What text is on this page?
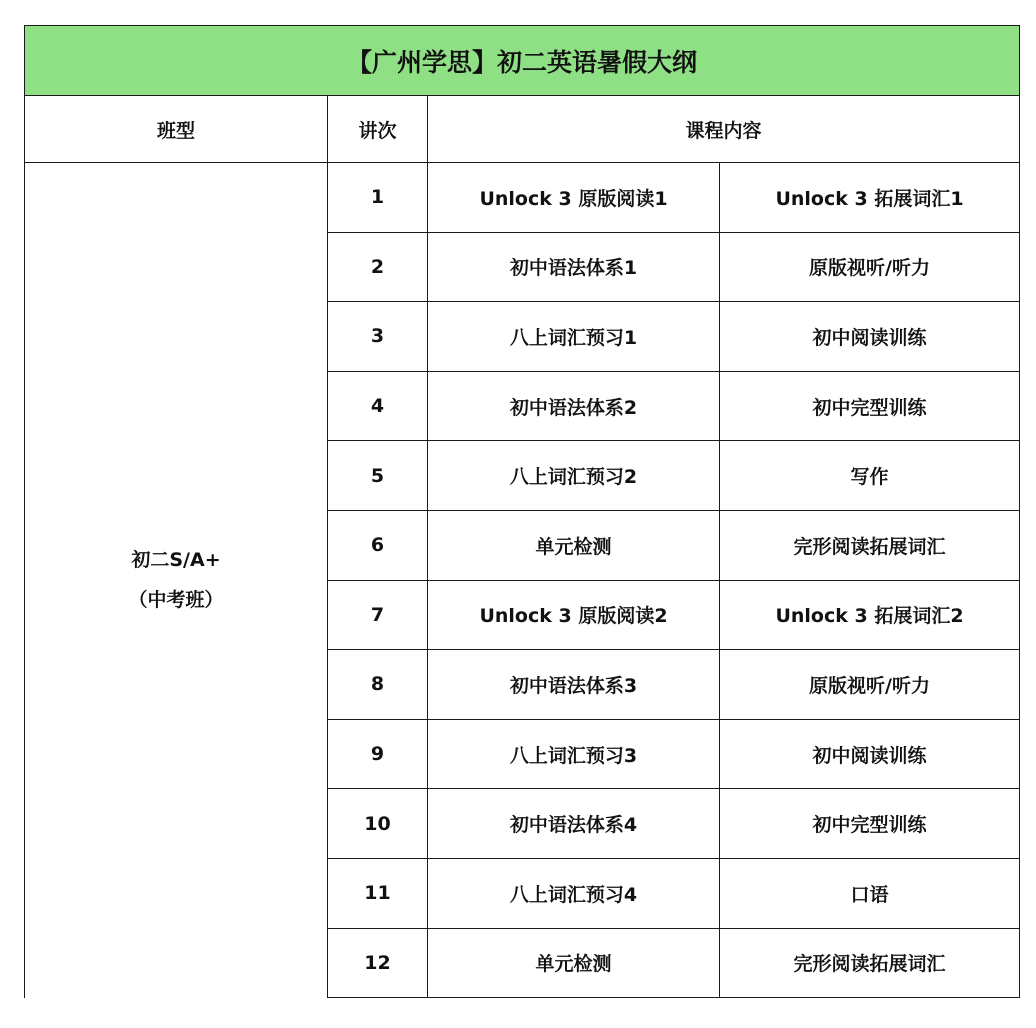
【广州学思】初二英语暑假大纲			
班型	讲次	课程内容	

初二S/A+
（中考班）	1	Unlock 3 原版阅读1	Unlock 3 拓展词汇1
	2	初中语法体系1	原版视听/听力
	3	八上词汇预习1	初中阅读训练
	4	初中语法体系2	初中完型训练
	5	八上词汇预习2	写作
	6	单元检测	完形阅读拓展词汇
	7	Unlock 3 原版阅读2	Unlock 3 拓展词汇2
	8	初中语法体系3	原版视听/听力
	9	八上词汇预习3	初中阅读训练
	10	初中语法体系4	初中完型训练
	11	八上词汇预习4	口语
	12	单元检测	完形阅读拓展词汇
